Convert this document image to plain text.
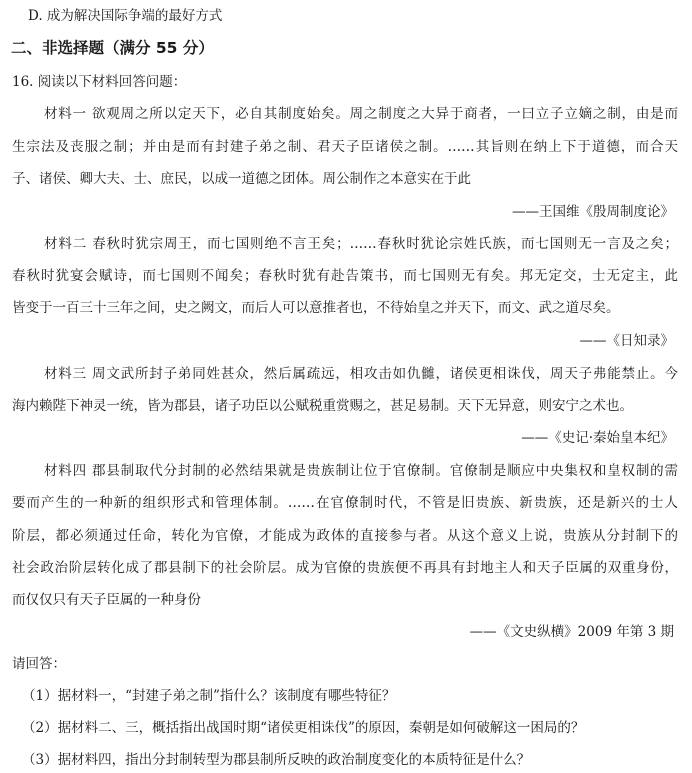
D. 成为解决国际争端的最好方式
二、非选择题（满分 55 分）
16. 阅读以下材料回答问题：
材料一 欲观周之所以定天下，必自其制度始矣。周之制度之大异于商者，一曰立子立嫡之制，由是而
生宗法及丧服之制；并由是而有封建子弟之制、君天子臣诸侯之制。……其旨则在纳上下于道德，而合天
子、诸侯、卿大夫、士、庶民，以成一道德之团体。周公制作之本意实在于此
——王国维《殷周制度论》
材料二 春秋时犹宗周王，而七国则绝不言王矣；……春秋时犹论宗姓氏族，而七国则无一言及之矣；
春秋时犹宴会赋诗，而七国则不闻矣；春秋时犹有赴告策书，而七国则无有矣。邦无定交，士无定主，此
皆变于一百三十三年之间，史之阙文，而后人可以意推者也，不待始皇之并天下，而文、武之道尽矣。
——《日知录》
材料三 周文武所封子弟同姓甚众，然后属疏远，相攻击如仇雠，诸侯更相诛伐，周天子弗能禁止。今
海内赖陛下神灵一统，皆为郡县，诸子功臣以公赋税重赏赐之，甚足易制。天下无异意，则安宁之术也。
——《史记·秦始皇本纪》
材料四 郡县制取代分封制的必然结果就是贵族制让位于官僚制。官僚制是顺应中央集权和皇权制的需
要而产生的一种新的组织形式和管理体制。……在官僚制时代，不管是旧贵族、新贵族，还是新兴的士人
阶层，都必须通过任命，转化为官僚，才能成为政体的直接参与者。从这个意义上说，贵族从分封制下的
社会政治阶层转化成了郡县制下的社会阶层。成为官僚的贵族便不再具有封地主人和天子臣属的双重身份，
而仅仅只有天子臣属的一种身份
——《文史纵横》2009 年第 3 期
请回答：
（1）据材料一，“封建子弟之制”指什么？该制度有哪些特征？
（2）据材料二、三，概括指出战国时期“诸侯更相诛伐”的原因，秦朝是如何破解这一困局的？
（3）据材料四，指出分封制转型为郡县制所反映的政治制度变化的本质特征是什么？
